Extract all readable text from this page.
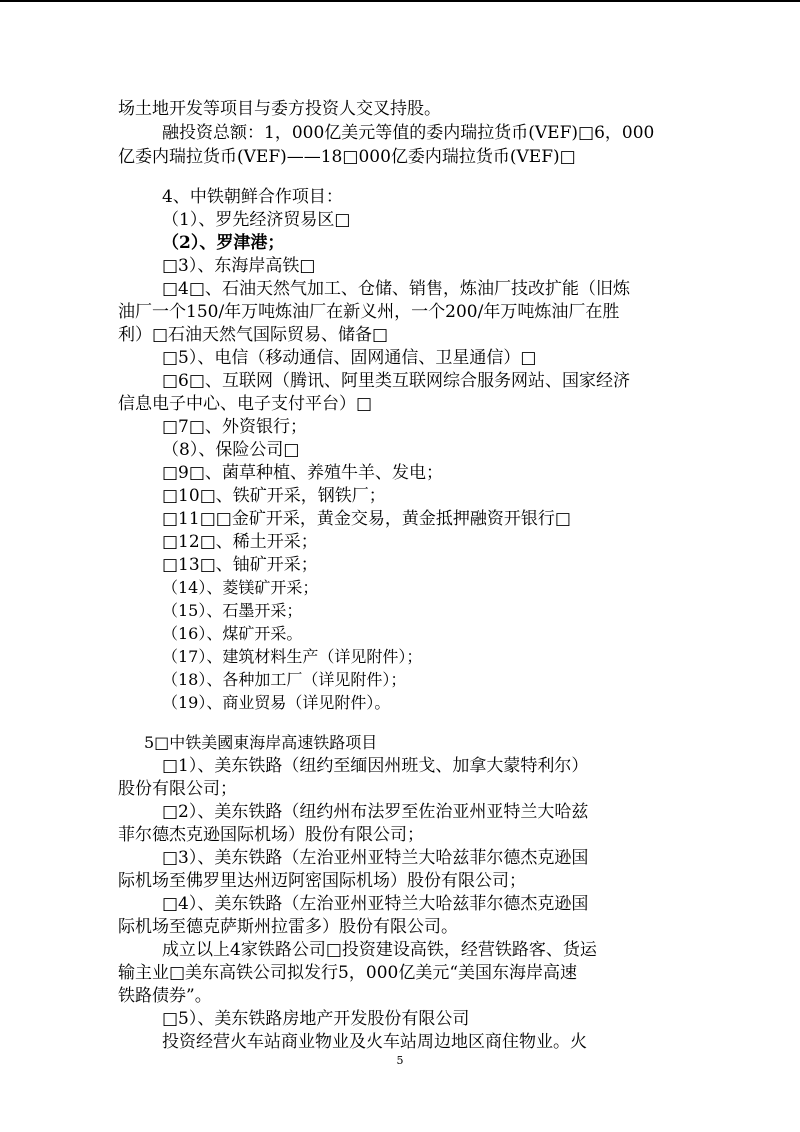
场土地开发等项目与委方投资人交叉持股。
融投资总额：1，000亿美元等值的委内瑞拉货币(VEF)□6，000
亿委内瑞拉货币(VEF)——18□000亿委内瑞拉货币(VEF)□
4、中铁朝鲜合作项目：
（1）、罗先经济贸易区□
（2）、罗津港；
□3）、东海岸高铁□
□4□、石油天然气加工、仓储、销售，炼油厂技改扩能（旧炼
油厂一个150/年万吨炼油厂在新义州，一个200/年万吨炼油厂在胜
利）□石油天然气国际贸易、储备□
□5）、电信（移动通信、固网通信、卫星通信）□
□6□、互联网（腾讯、阿里类互联网综合服务网站、国家经济
信息电子中心、电子支付平台）□
□7□、外资银行；
（8）、保险公司□
□9□、菌草种植、养殖牛羊、发电；
□10□、铁矿开采，钢铁厂；
□11□□金矿开采，黄金交易，黄金抵押融资开银行□
□12□、稀土开采；
□13□、铀矿开采；
（14）、菱镁矿开采；
（15）、石墨开采；
（16）、煤矿开采。
（17）、建筑材料生产（详见附件）；
（18）、各种加工厂（详见附件）；
（19）、商业贸易（详见附件）。
5□中铁美國東海岸高速铁路项目
□1）、美东铁路（纽约至缅因州班戈、加拿大蒙特利尔）
股份有限公司；
□2）、美东铁路（纽约州布法罗至佐治亚州亚特兰大哈兹
菲尔德杰克逊国际机场）股份有限公司；
□3）、美东铁路（左治亚州亚特兰大哈兹菲尔德杰克逊国
际机场至佛罗里达州迈阿密国际机场）股份有限公司；
□4）、美东铁路（左治亚州亚特兰大哈兹菲尔德杰克逊国
际机场至德克萨斯州拉雷多）股份有限公司。
成立以上4家铁路公司□投资建设高铁，经营铁路客、货运
输主业□美东高铁公司拟发行5，000亿美元“美国东海岸高速
铁路债券”。
□5）、美东铁路房地产开发股份有限公司
投资经营火车站商业物业及火车站周边地区商住物业。火
5
